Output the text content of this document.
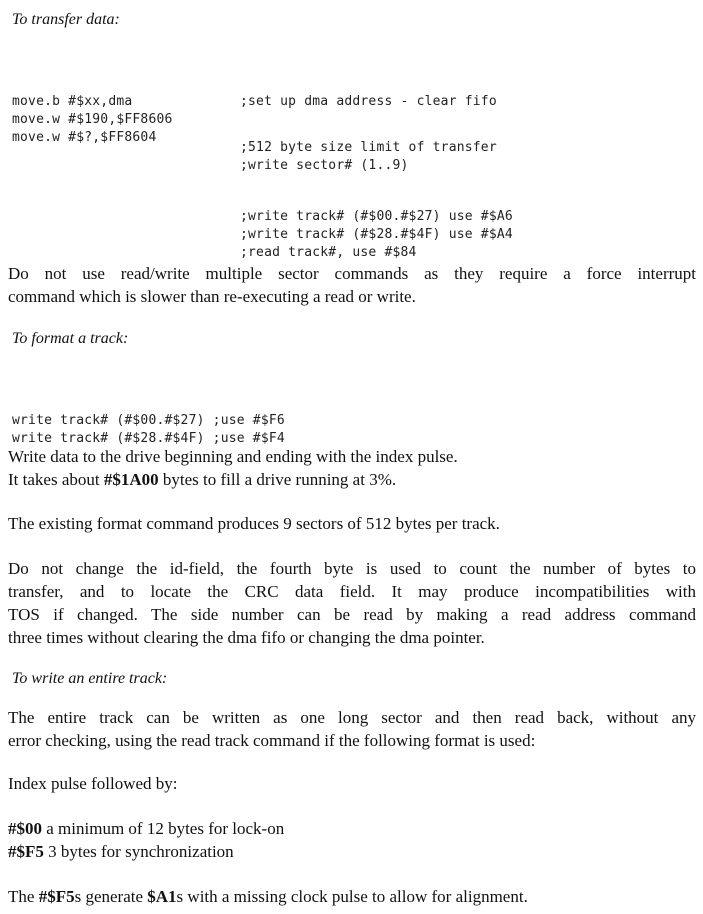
To transfer data:

move.b #$xx,dma
move.w #$190,$FF8606
move.w #$?,$FF8604

;set up dma address - clear fifo

;512 byte size limit of transfer
;write sector# (1..9)

;write track# (#$00.#$27) use #$A6
;write track# (#$28.#$4F) use #$A4
;read track#, use #$84

Do not use read/write multiple sector commands as they require a force interrupt
command which is slower than re-executing a read or write.
To format a track:

write track# (#$00.#$27) ;use #$F6
write track# (#$28.#$4F) ;use #$F4

Write data to the drive beginning and ending with the index pulse.
It takes about #$1A00 bytes to fill a drive running at 3%.
The existing format command produces 9 sectors of 512 bytes per track.
Do not change the id-field, the fourth byte is used to count the number of bytes to
transfer, and to locate the CRC data field. It may produce incompatibilities with
TOS if changed. The side number can be read by making a read address command
three times without clearing the dma fifo or changing the dma pointer.
To write an entire track:
The entire track can be written as one long sector and then read back, without any
error checking, using the read track command if the following format is used:
Index pulse followed by:
#$00 a minimum of 12 bytes for lock-on
#$F5 3 bytes for synchronization
The #$F5s generate $A1s with a missing clock pulse to allow for alignment.
